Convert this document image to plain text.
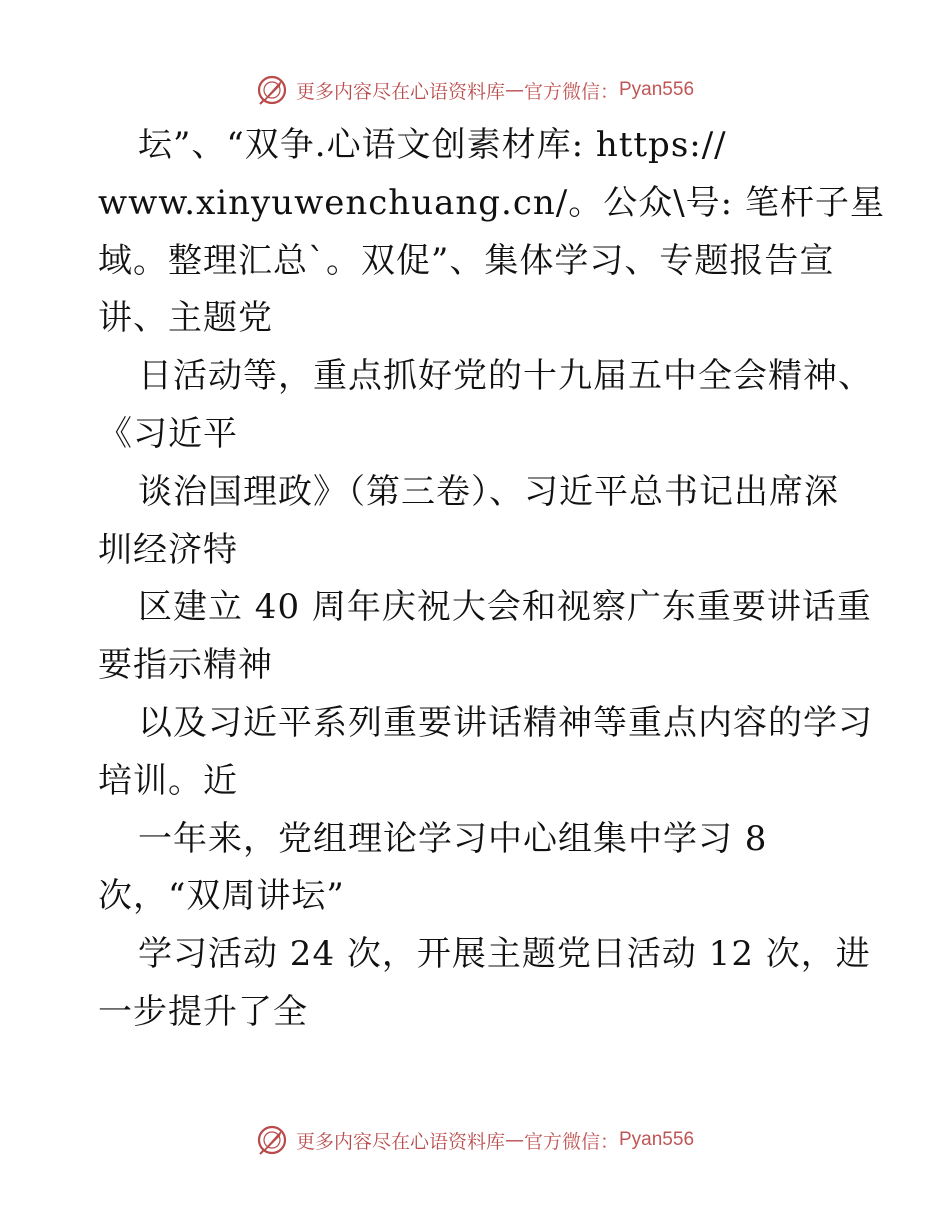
更多内容尽在心语资料库 — 官方微信： Pyan556
坛”、“双争.心语文创素材库: https://
www.xinyuwenchuang.cn/。公众\号: 笔杆子星
域。整理汇总`。双促”、集体学习、专题报告宣
讲、主题党
日活动等，重点抓好党的十九届五中全会精神、
《习近平
谈治国理政》（第三卷）、习近平总书记出席深
圳经济特
区建立 40 周年庆祝大会和视察广东重要讲话重
要指示精神
以及习近平系列重要讲话精神等重点内容的学习
培训。近
一年来，党组理论学习中心组集中学习 8
次，“双周讲坛”
学习活动 24 次，开展主题党日活动 12 次，进
一步提升了全
更多内容尽在心语资料库 — 官方微信： Pyan556
